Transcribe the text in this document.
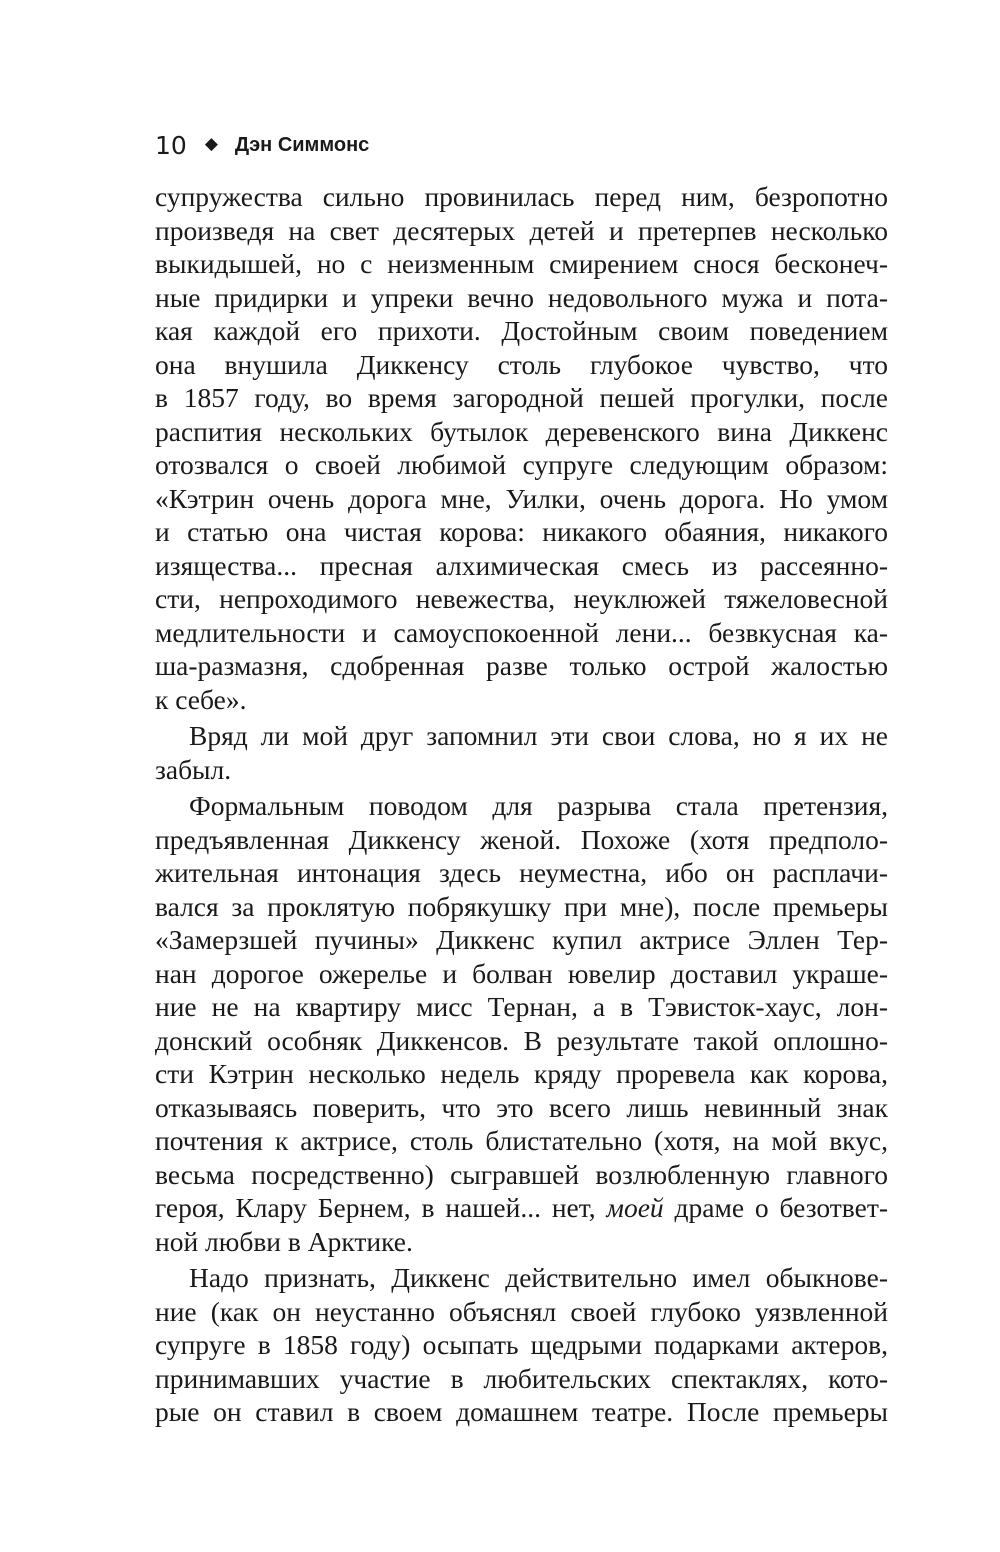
10 ◆ Дэн Симмонс
супружества сильно провинилась перед ним, безропотно
произведя на свет десятерых детей и претерпев несколько
выкидышей, но с неизменным смирением снося бесконеч-
ные придирки и упреки вечно недовольного мужа и пота-
кая каждой его прихоти. Достойным своим поведением
она внушила Диккенсу столь глубокое чувство, что
в 1857 году, во время загородной пешей прогулки, после
распития нескольких бутылок деревенского вина Диккенс
отозвался о своей любимой супруге следующим образом:
«Кэтрин очень дорога мне, Уилки, очень дорога. Но умом
и статью она чистая корова: никакого обаяния, никакого
изящества... пресная алхимическая смесь из рассеянно-
сти, непроходимого невежества, неуклюжей тяжеловесной
медлительности и самоуспокоенной лени... безвкусная ка-
ша-размазня, сдобренная разве только острой жалостью
к себе».
Вряд ли мой друг запомнил эти свои слова, но я их не
забыл.
Формальным поводом для разрыва стала претензия,
предъявленная Диккенсу женой. Похоже (хотя предполо-
жительная интонация здесь неуместна, ибо он расплачи-
вался за проклятую побрякушку при мне), после премьеры
«Замерзшей пучины» Диккенс купил актрисе Эллен Тер-
нан дорогое ожерелье и болван ювелир доставил украше-
ние не на квартиру мисс Тернан, а в Тэвисток-хаус, лон-
донский особняк Диккенсов. В результате такой оплошно-
сти Кэтрин несколько недель кряду проревела как корова,
отказываясь поверить, что это всего лишь невинный знак
почтения к актрисе, столь блистательно (хотя, на мой вкус,
весьма посредственно) сыгравшей возлюбленную главного
героя, Клару Бернем, в нашей... нет, моей драме о безответ-
ной любви в Арктике.
Надо признать, Диккенс действительно имел обыкнове-
ние (как он неустанно объяснял своей глубоко уязвленной
супруге в 1858 году) осыпать щедрыми подарками актеров,
принимавших участие в любительских спектаклях, кото-
рые он ставил в своем домашнем театре. После премьеры
